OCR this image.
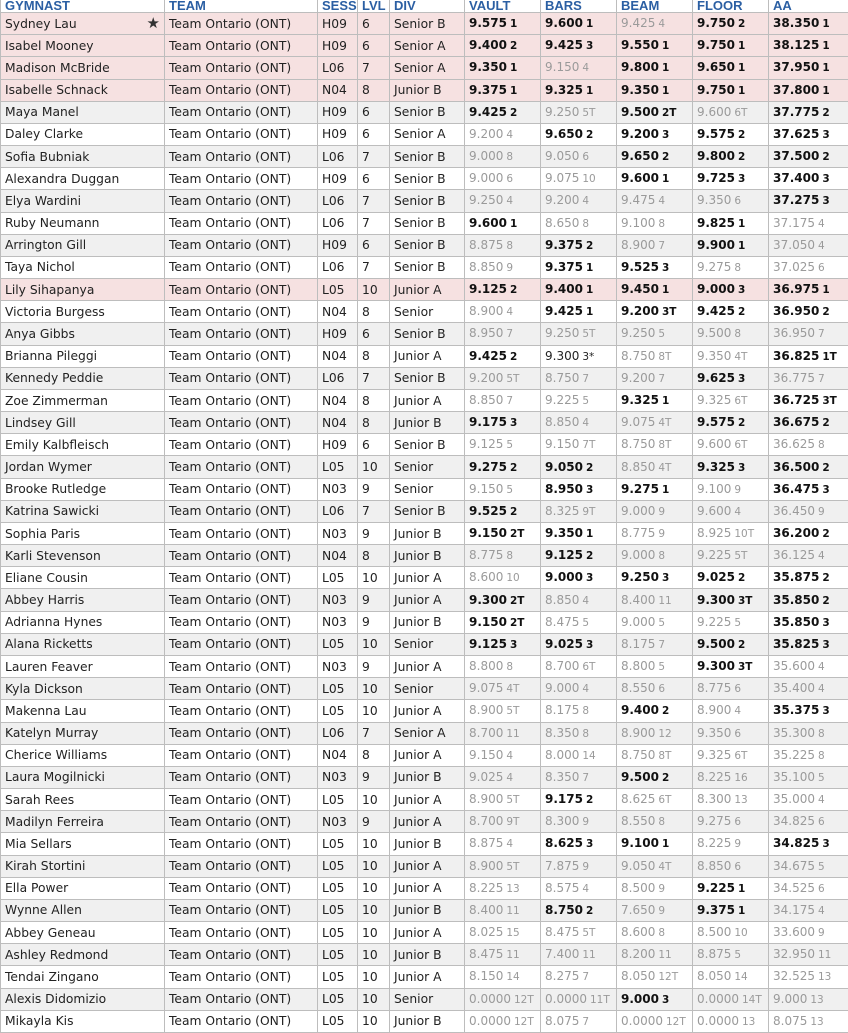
GYMNAST	TEAM	SESS	LVL	DIV	VAULT	BARS	BEAM	FLOOR	AA
Sydney Lau ★	Team Ontario (ONT)	H09	6	Senior B	9.575 1	9.600 1	9.425 4	9.750 2	38.350 1
Isabel Mooney	Team Ontario (ONT)	H09	6	Senior A	9.400 2	9.425 3	9.550 1	9.750 1	38.125 1
Madison McBride	Team Ontario (ONT)	L06	7	Senior A	9.350 1	9.150 4	9.800 1	9.650 1	37.950 1
Isabelle Schnack	Team Ontario (ONT)	N04	8	Junior B	9.375 1	9.325 1	9.350 1	9.750 1	37.800 1
Maya Manel	Team Ontario (ONT)	H09	6	Senior B	9.425 2	9.250 5T	9.500 2T	9.600 6T	37.775 2
Daley Clarke	Team Ontario (ONT)	H09	6	Senior A	9.200 4	9.650 2	9.200 3	9.575 2	37.625 3
Sofia Bubniak	Team Ontario (ONT)	L06	7	Senior B	9.000 8	9.050 6	9.650 2	9.800 2	37.500 2
Alexandra Duggan	Team Ontario (ONT)	H09	6	Senior B	9.000 6	9.075 10	9.600 1	9.725 3	37.400 3
Elya Wardini	Team Ontario (ONT)	L06	7	Senior B	9.250 4	9.200 4	9.475 4	9.350 6	37.275 3
Ruby Neumann	Team Ontario (ONT)	L06	7	Senior B	9.600 1	8.650 8	9.100 8	9.825 1	37.175 4
Arrington Gill	Team Ontario (ONT)	H09	6	Senior B	8.875 8	9.375 2	8.900 7	9.900 1	37.050 4
Taya Nichol	Team Ontario (ONT)	L06	7	Senior B	8.850 9	9.375 1	9.525 3	9.275 8	37.025 6
Lily Sihapanya	Team Ontario (ONT)	L05	10	Junior A	9.125 2	9.400 1	9.450 1	9.000 3	36.975 1
Victoria Burgess	Team Ontario (ONT)	N04	8	Senior	8.900 4	9.425 1	9.200 3T	9.425 2	36.950 2
Anya Gibbs	Team Ontario (ONT)	H09	6	Senior B	8.950 7	9.250 5T	9.250 5	9.500 8	36.950 7
Brianna Pileggi	Team Ontario (ONT)	N04	8	Junior A	9.425 2	9.300 3*	8.750 8T	9.350 4T	36.825 1T
Kennedy Peddie	Team Ontario (ONT)	L06	7	Senior B	9.200 5T	8.750 7	9.200 7	9.625 3	36.775 7
Zoe Zimmerman	Team Ontario (ONT)	N04	8	Junior A	8.850 7	9.225 5	9.325 1	9.325 6T	36.725 3T
Lindsey Gill	Team Ontario (ONT)	N04	8	Junior B	9.175 3	8.850 4	9.075 4T	9.575 2	36.675 2
Emily Kalbfleisch	Team Ontario (ONT)	H09	6	Senior B	9.125 5	9.150 7T	8.750 8T	9.600 6T	36.625 8
Jordan Wymer	Team Ontario (ONT)	L05	10	Senior	9.275 2	9.050 2	8.850 4T	9.325 3	36.500 2
Brooke Rutledge	Team Ontario (ONT)	N03	9	Senior	9.150 5	8.950 3	9.275 1	9.100 9	36.475 3
Katrina Sawicki	Team Ontario (ONT)	L06	7	Senior B	9.525 2	8.325 9T	9.000 9	9.600 4	36.450 9
Sophia Paris	Team Ontario (ONT)	N03	9	Junior B	9.150 2T	9.350 1	8.775 9	8.925 10T	36.200 2
Karli Stevenson	Team Ontario (ONT)	N04	8	Junior B	8.775 8	9.125 2	9.000 8	9.225 5T	36.125 4
Eliane Cousin	Team Ontario (ONT)	L05	10	Junior A	8.600 10	9.000 3	9.250 3	9.025 2	35.875 2
Abbey Harris	Team Ontario (ONT)	N03	9	Junior A	9.300 2T	8.850 4	8.400 11	9.300 3T	35.850 2
Adrianna Hynes	Team Ontario (ONT)	N03	9	Junior B	9.150 2T	8.475 5	9.000 5	9.225 5	35.850 3
Alana Ricketts	Team Ontario (ONT)	L05	10	Senior	9.125 3	9.025 3	8.175 7	9.500 2	35.825 3
Lauren Feaver	Team Ontario (ONT)	N03	9	Junior A	8.800 8	8.700 6T	8.800 5	9.300 3T	35.600 4
Kyla Dickson	Team Ontario (ONT)	L05	10	Senior	9.075 4T	9.000 4	8.550 6	8.775 6	35.400 4
Makenna Lau	Team Ontario (ONT)	L05	10	Junior A	8.900 5T	8.175 8	9.400 2	8.900 4	35.375 3
Katelyn Murray	Team Ontario (ONT)	L06	7	Senior A	8.700 11	8.350 8	8.900 12	9.350 6	35.300 8
Cherice Williams	Team Ontario (ONT)	N04	8	Junior A	9.150 4	8.000 14	8.750 8T	9.325 6T	35.225 8
Laura Mogilnicki	Team Ontario (ONT)	N03	9	Junior B	9.025 4	8.350 7	9.500 2	8.225 16	35.100 5
Sarah Rees	Team Ontario (ONT)	L05	10	Junior A	8.900 5T	9.175 2	8.625 6T	8.300 13	35.000 4
Madilyn Ferreira	Team Ontario (ONT)	N03	9	Junior A	8.700 9T	8.300 9	8.550 8	9.275 6	34.825 6
Mia Sellars	Team Ontario (ONT)	L05	10	Junior B	8.875 4	8.625 3	9.100 1	8.225 9	34.825 3
Kirah Stortini	Team Ontario (ONT)	L05	10	Junior A	8.900 5T	7.875 9	9.050 4T	8.850 6	34.675 5
Ella Power	Team Ontario (ONT)	L05	10	Junior A	8.225 13	8.575 4	8.500 9	9.225 1	34.525 6
Wynne Allen	Team Ontario (ONT)	L05	10	Junior B	8.400 11	8.750 2	7.650 9	9.375 1	34.175 4
Abbey Geneau	Team Ontario (ONT)	L05	10	Junior A	8.025 15	8.475 5T	8.600 8	8.500 10	33.600 9
Ashley Redmond	Team Ontario (ONT)	L05	10	Junior B	8.475 11	7.400 11	8.200 11	8.875 5	32.950 11
Tendai Zingano	Team Ontario (ONT)	L05	10	Junior A	8.150 14	8.275 7	8.050 12T	8.050 14	32.525 13
Alexis Didomizio	Team Ontario (ONT)	L05	10	Senior	0.0000 12T	0.0000 11T	9.000 3	0.0000 14T	9.000 13
Mikayla Kis	Team Ontario (ONT)	L05	10	Junior B	0.0000 12T	8.075 7	0.0000 12T	0.0000 13	8.075 13
